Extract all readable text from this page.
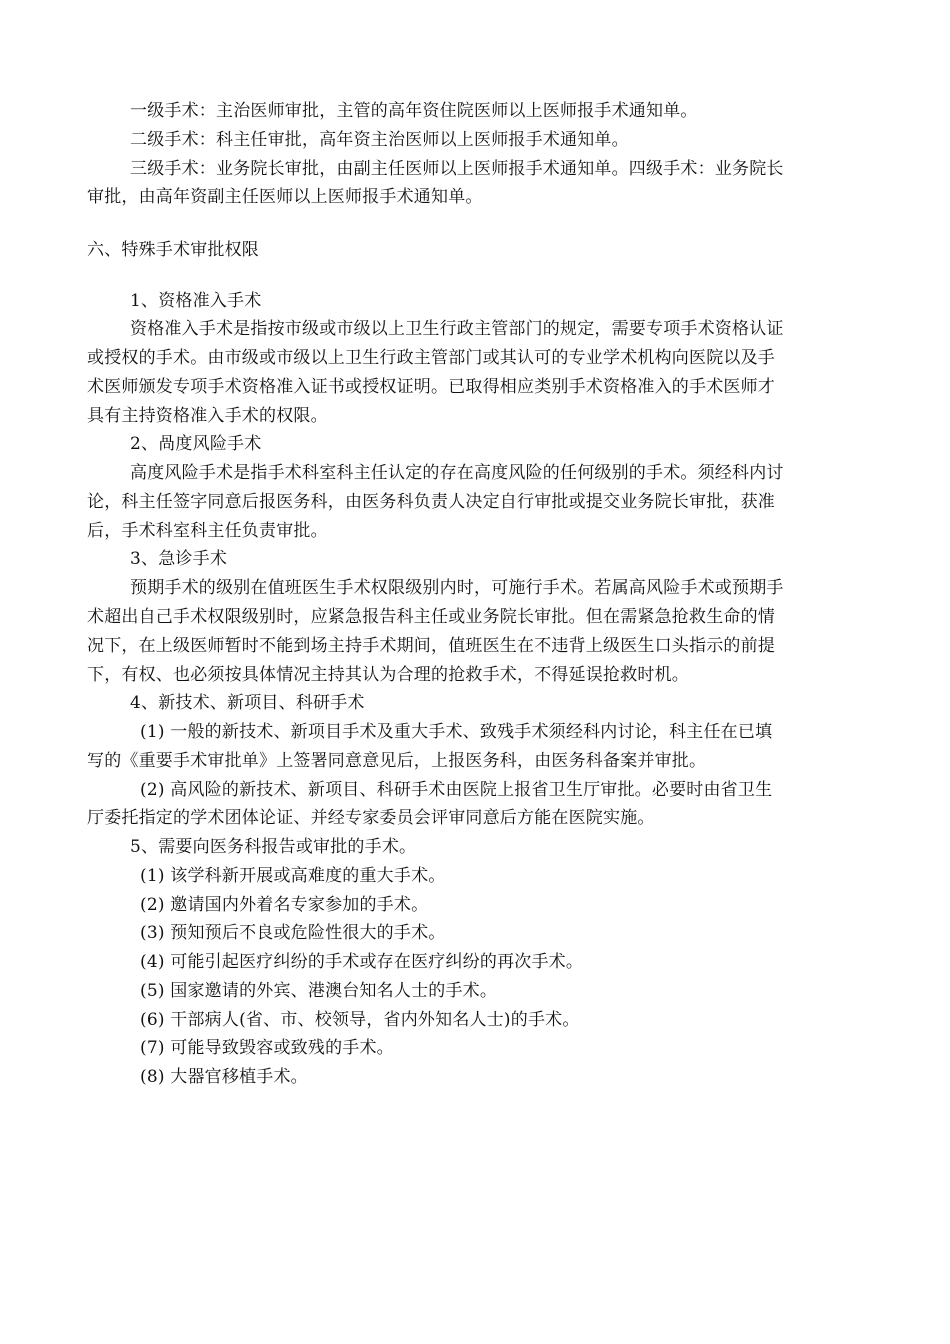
一级手术：主治医师审批，主管的高年资住院医师以上医师报手术通知单。
二级手术：科主任审批，高年资主治医师以上医师报手术通知单。
三级手术：业务院长审批，由副主任医师以上医师报手术通知单。四级手术：业务院长
审批，由高年资副主任医师以上医师报手术通知单。
六、特殊手术审批权限
1、资格准入手术
资格准入手术是指按市级或市级以上卫生行政主管部门的规定，需要专项手术资格认证
或授权的手术。由市级或市级以上卫生行政主管部门或其认可的专业学术机构向医院以及手
术医师颁发专项手术资格准入证书或授权证明。已取得相应类别手术资格准入的手术医师才
具有主持资格准入手术的权限。
2、咼度风险手术
高度风险手术是指手术科室科主任认定的存在高度风险的任何级别的手术。须经科内讨
论，科主任签字同意后报医务科，由医务科负责人决定自行审批或提交业务院长审批，获准
后，手术科室科主任负责审批。
3、急诊手术
预期手术的级别在值班医生手术权限级别内时，可施行手术。若属高风险手术或预期手
术超出自己手术权限级别时，应紧急报告科主任或业务院长审批。但在需紧急抢救生命的情
况下，在上级医师暂时不能到场主持手术期间，值班医生在不违背上级医生口头指示的前提
下，有权、也必须按具体情况主持其认为合理的抢救手术，不得延误抢救时机。
4、新技术、新项目、科研手术
(1) 一般的新技术、新项目手术及重大手术、致残手术须经科内讨论，科主任在已填
写的《重要手术审批单》上签署同意意见后，上报医务科，由医务科备案并审批。
(2) 高风险的新技术、新项目、科研手术由医院上报省卫生厅审批。必要时由省卫生
厅委托指定的学术团体论证、并经专家委员会评审同意后方能在医院实施。
5、需要向医务科报告或审批的手术。
(1) 该学科新开展或高难度的重大手术。
(2) 邀请国内外着名专家参加的手术。
(3) 预知预后不良或危险性很大的手术。
(4) 可能引起医疗纠纷的手术或存在医疗纠纷的再次手术。
(5) 国家邀请的外宾、港澳台知名人士的手术。
(6) 干部病人(省、市、校领导，省内外知名人士)的手术。
(7) 可能导致毁容或致残的手术。
(8) 大器官移植手术。
